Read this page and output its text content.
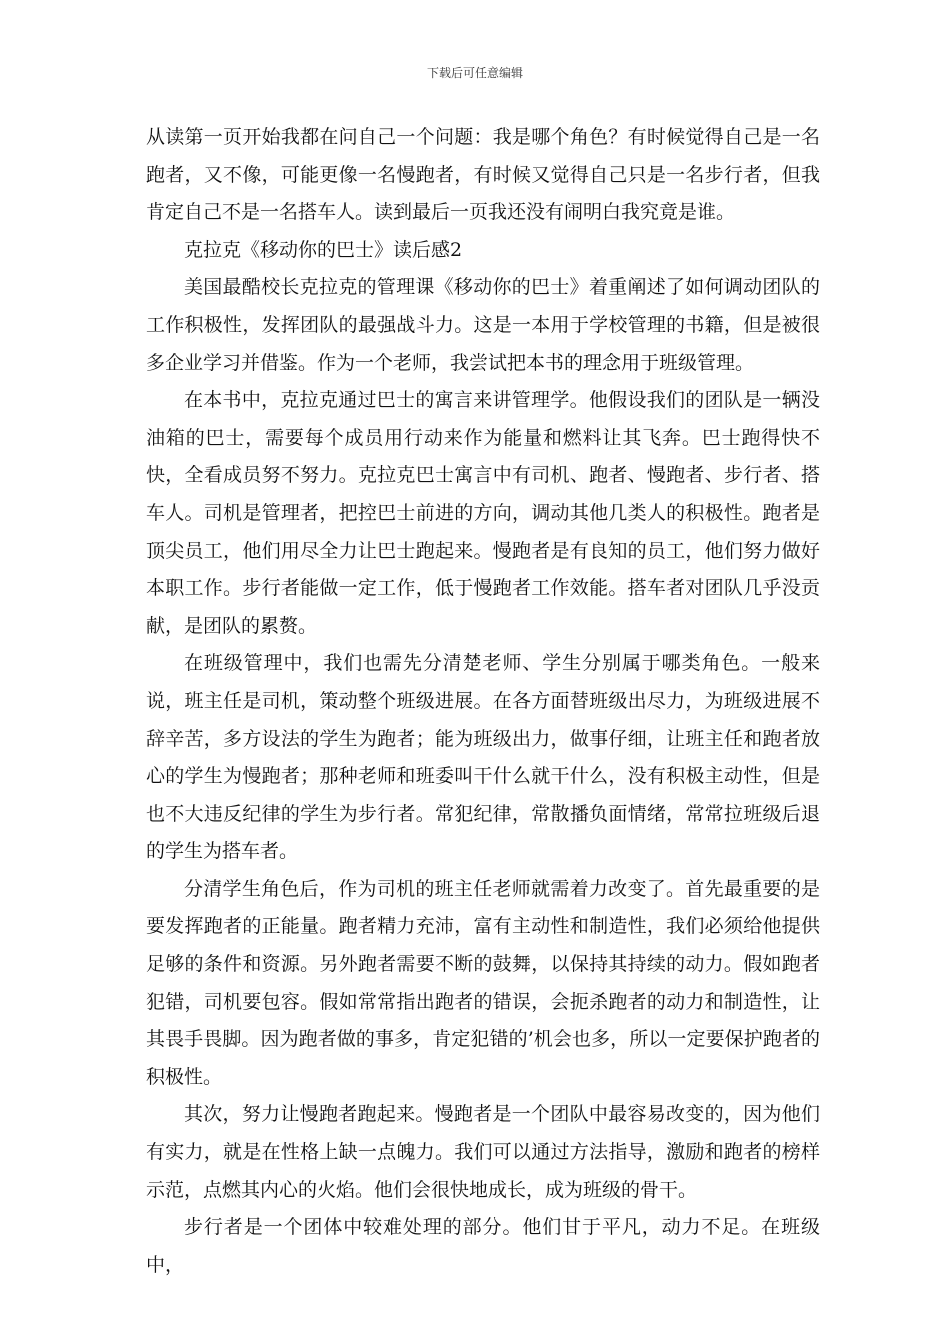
下载后可任意编辑

从读第一页开始我都在问自己一个问题：我是哪个角色？有时候觉得自己是一名跑者，又不像，可能更像一名慢跑者，有时候又觉得自己只是一名步行者，但我肯定自己不是一名搭车人。读到最后一页我还没有闹明白我究竟是谁。

克拉克《移动你的巴士》读后感2

美国最酷校长克拉克的管理课《移动你的巴士》着重阐述了如何调动团队的工作积极性，发挥团队的最强战斗力。这是一本用于学校管理的书籍，但是被很多企业学习并借鉴。作为一个老师，我尝试把本书的理念用于班级管理。

在本书中，克拉克通过巴士的寓言来讲管理学。他假设我们的团队是一辆没油箱的巴士，需要每个成员用行动来作为能量和燃料让其飞奔。巴士跑得快不快，全看成员努不努力。克拉克巴士寓言中有司机、跑者、慢跑者、步行者、搭车人。司机是管理者，把控巴士前进的方向，调动其他几类人的积极性。跑者是顶尖员工，他们用尽全力让巴士跑起来。慢跑者是有良知的员工，他们努力做好本职工作。步行者能做一定工作，低于慢跑者工作效能。搭车者对团队几乎没贡献，是团队的累赘。

在班级管理中，我们也需先分清楚老师、学生分别属于哪类角色。一般来说，班主任是司机，策动整个班级进展。在各方面替班级出尽力，为班级进展不辞辛苦，多方设法的学生为跑者；能为班级出力，做事仔细，让班主任和跑者放心的学生为慢跑者；那种老师和班委叫干什么就干什么，没有积极主动性，但是也不大违反纪律的学生为步行者。常犯纪律，常散播负面情绪，常常拉班级后退的学生为搭车者。

分清学生角色后，作为司机的班主任老师就需着力改变了。首先最重要的是要发挥跑者的正能量。跑者精力充沛，富有主动性和制造性，我们必须给他提供足够的条件和资源。另外跑者需要不断的鼓舞，以保持其持续的动力。假如跑者犯错，司机要包容。假如常常指出跑者的错误，会扼杀跑者的动力和制造性，让其畏手畏脚。因为跑者做的事多，肯定犯错的’机会也多，所以一定要保护跑者的积极性。

其次，努力让慢跑者跑起来。慢跑者是一个团队中最容易改变的，因为他们有实力，就是在性格上缺一点魄力。我们可以通过方法指导，激励和跑者的榜样示范，点燃其内心的火焰。他们会很快地成长，成为班级的骨干。

步行者是一个团体中较难处理的部分。他们甘于平凡，动力不足。在班级中，
